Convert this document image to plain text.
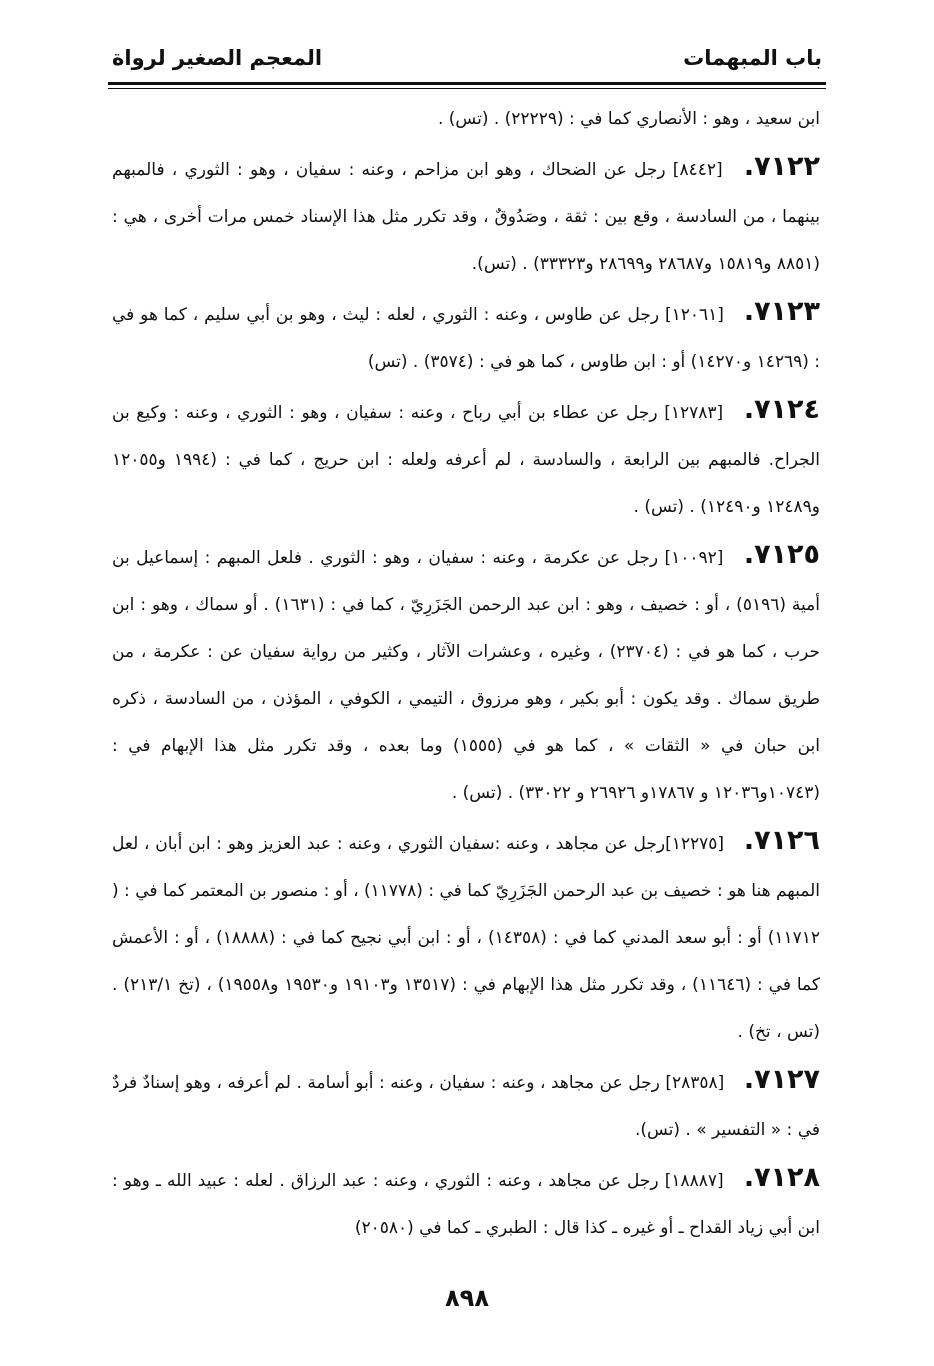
باب المبهمات
المعجم الصغير لرواة

ابن سعيد ، وهو : الأنصاري كما في : (٢٢٢٢٩) . (تس) .

٧١٢٢. [٨٤٤٢] رجل عن الضحاك ، وهو ابن مزاحم ، وعنه : سفيان ، وهو : الثوري ، فالمبهم بينهما ، من السادسة ، وقع بين : ثقة ، وصَدُوقٌ ، وقد تكرر مثل هذا الإسناد خمس مرات أخرى ، هي : (٨٨٥١ و١٥٨١٩ و٢٨٦٨٧ و٢٨٦٩٩ و٣٣٣٢٣) . (تس).

٧١٢٣. [١٢٠٦١] رجل عن طاوس ، وعنه : الثوري ، لعله : ليث ، وهو بن أبي سليم ، كما هو في : (١٤٢٦٩ و١٤٢٧٠) أو : ابن طاوس ، كما هو في : (٣٥٧٤) . (تس)

٧١٢٤. [١٢٧٨٣] رجل عن عطاء بن أبي رباح ، وعنه : سفيان ، وهو : الثوري ، وعنه : وكيع بن الجراح. فالمبهم بين الرابعة ، والسادسة ، لم أعرفه ولعله : ابن حريج ، كما في : (١٩٩٤ و١٢٠٥٥ و١٢٤٨٩ و١٢٤٩٠) . (تس) .

٧١٢٥. [١٠٠٩٢] رجل عن عكرمة ، وعنه : سفيان ، وهو : الثوري . فلعل المبهم : إسماعيل بن أمية (٥١٩٦) ، أو : خصيف ، وهو : ابن عبد الرحمن الجَزَرِيّ ، كما في : (١٦٣١) . أو سماك ، وهو : ابن حرب ، كما هو في : (٢٣٧٠٤) ، وغيره ، وعشرات الآثار ، وكثير من رواية سفيان عن : عكرمة ، من طريق سماك . وقد يكون : أبو بكير ، وهو مرزوق ، التيمي ، الكوفي ، المؤذن ، من السادسة ، ذكره ابن حبان في « الثقات » ، كما هو في (١٥٥٥) وما بعده ، وقد تكرر مثل هذا الإبهام في : (١٠٧٤٣و١٢٠٣٦ و ١٧٨٦٧و ٢٦٩٢٦ و ٣٣٠٢٢) . (تس) .

٧١٢٦. [١٢٢٧٥]رجل عن مجاهد ، وعنه :سفيان الثوري ، وعنه : عبد العزيز وهو : ابن أبان ، لعل المبهم هنا هو : خصيف بن عبد الرحمن الجَزَرِيّ كما في : (١١٧٧٨) ، أو : منصور بن المعتمر كما في : ( ١١٧١٢) أو : أبو سعد المدني كما في : (١٤٣٥٨) ، أو : ابن أبي نجيح كما في : (١٨٨٨٨) ، أو : الأعمش كما في : (١١٦٤٦) ، وقد تكرر مثل هذا الإبهام في : (١٣٥١٧ و١٩١٠٣ و١٩٥٣٠ و١٩٥٥٨) ، (تخ ٢١٣/١) . (تس ، تخ) .

٧١٢٧. [٢٨٣٥٨] رجل عن مجاهد ، وعنه : سفيان ، وعنه : أبو أسامة . لم أعرفه ، وهو إسنادٌ فردٌ في : « التفسير » . (تس).

٧١٢٨. [١٨٨٨٧] رجل عن مجاهد ، وعنه : الثوري ، وعنه : عبد الرزاق . لعله : عبيد الله ـ وهو : ابن أبي زياد القداح ـ أو غيره ـ كذا قال : الطبري ـ كما في (٢٠٥٨٠)

٨٩٨
